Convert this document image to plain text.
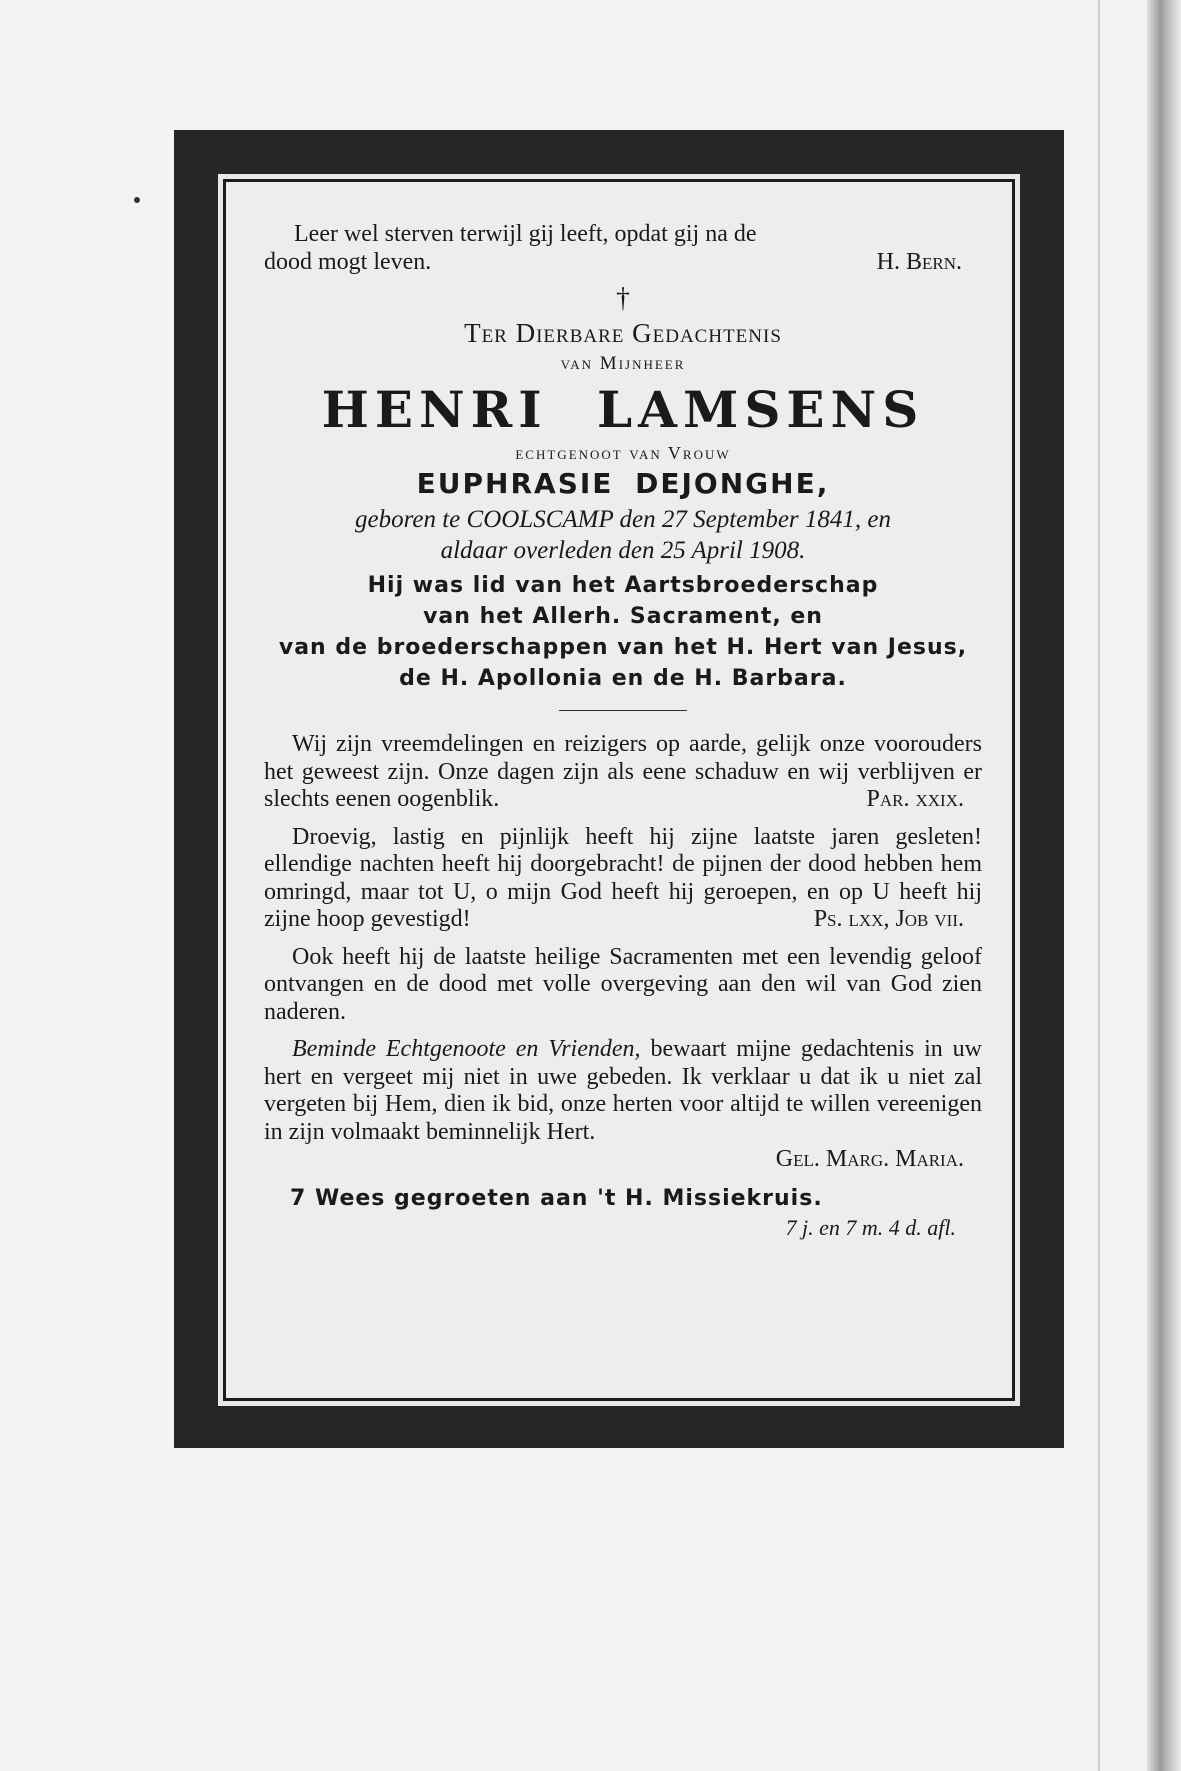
Leer wel sterven terwijl gij leeft, opdat gij na de

dood mogt leven.	H. Bern.

†
Ter Dierbare Gedachtenis
van Mijnheer
HENRI LAMSENS
echtgenoot van Vrouw
EUPHRASIE DEJONGHE,
geboren te COOLSCAMP den 27 September 1841, en
aldaar overleden den 25 April 1908.
Hij was lid van het Aartsbroederschap
van het Allerh. Sacrament, en
van de broederschappen van het H. Hert van Jesus,
de H. Apollonia en de H. Barbara.

Wij zijn vreemdelingen en reizigers op aarde, gelijk onze voorouders het geweest zijn. Onze dagen zijn als eene schaduw en wij verblijven er slechts eenen oogenblik.	Par. xxix.

Droevig, lastig en pijnlijk heeft hij zijne laatste jaren gesleten! ellendige nachten heeft hij doorgebracht! de pijnen der dood hebben hem omringd, maar tot U, o mijn God heeft hij geroepen, en op U heeft hij zijne hoop gevestigd!	Ps. lxx, Job vii.

Ook heeft hij de laatste heilige Sacramenten met een levendig geloof ontvangen en de dood met volle overgeving aan den wil van God zien naderen.

Beminde Echtgenoote en Vrienden, bewaart mijne gedachtenis in uw hert en vergeet mij niet in uwe gebeden. Ik verklaar u dat ik u niet zal vergeten bij Hem, dien ik bid, onze herten voor altijd te willen vereenigen in zijn volmaakt beminnelijk Hert.
Gel. Marg. Maria.

7 Wees gegroeten aan 't H. Missiekruis.
7 j. en 7 m. 4 d. afl.
